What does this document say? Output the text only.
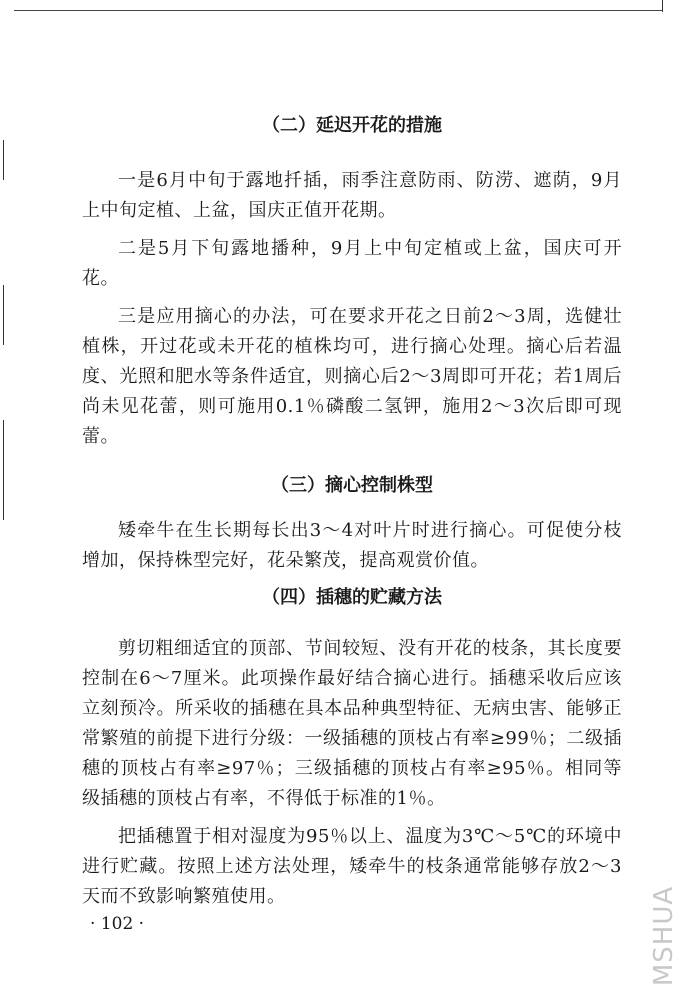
（二）延迟开花的措施

一是6月中旬于露地扦插，雨季注意防雨、防涝、遮荫，9月上中旬定植、上盆，国庆正值开花期。

二是5月下旬露地播种，9月上中旬定植或上盆，国庆可开花。

三是应用摘心的办法，可在要求开花之日前2～3周，选健壮植株，开过花或未开花的植株均可，进行摘心处理。摘心后若温度、光照和肥水等条件适宜，则摘心后2～3周即可开花；若1周后尚未见花蕾，则可施用0.1％磷酸二氢钾，施用2～3次后即可现蕾。

（三）摘心控制株型

矮牵牛在生长期每长出3～4对叶片时进行摘心。可促使分枝增加，保持株型完好，花朵繁茂，提高观赏价值。

（四）插穗的贮藏方法

剪切粗细适宜的顶部、节间较短、没有开花的枝条，其长度要控制在6～7厘米。此项操作最好结合摘心进行。插穗采收后应该立刻预冷。所采收的插穗在具本品种典型特征、无病虫害、能够正常繁殖的前提下进行分级：一级插穗的顶枝占有率≥99％；二级插穗的顶枝占有率≥97％；三级插穗的顶枝占有率≥95％。相同等级插穗的顶枝占有率，不得低于标准的1％。

把插穗置于相对湿度为95％以上、温度为3℃～5℃的环境中进行贮藏。按照上述方法处理，矮牵牛的枝条通常能够存放2～3天而不致影响繁殖使用。

· 102 ·	MSHUA
